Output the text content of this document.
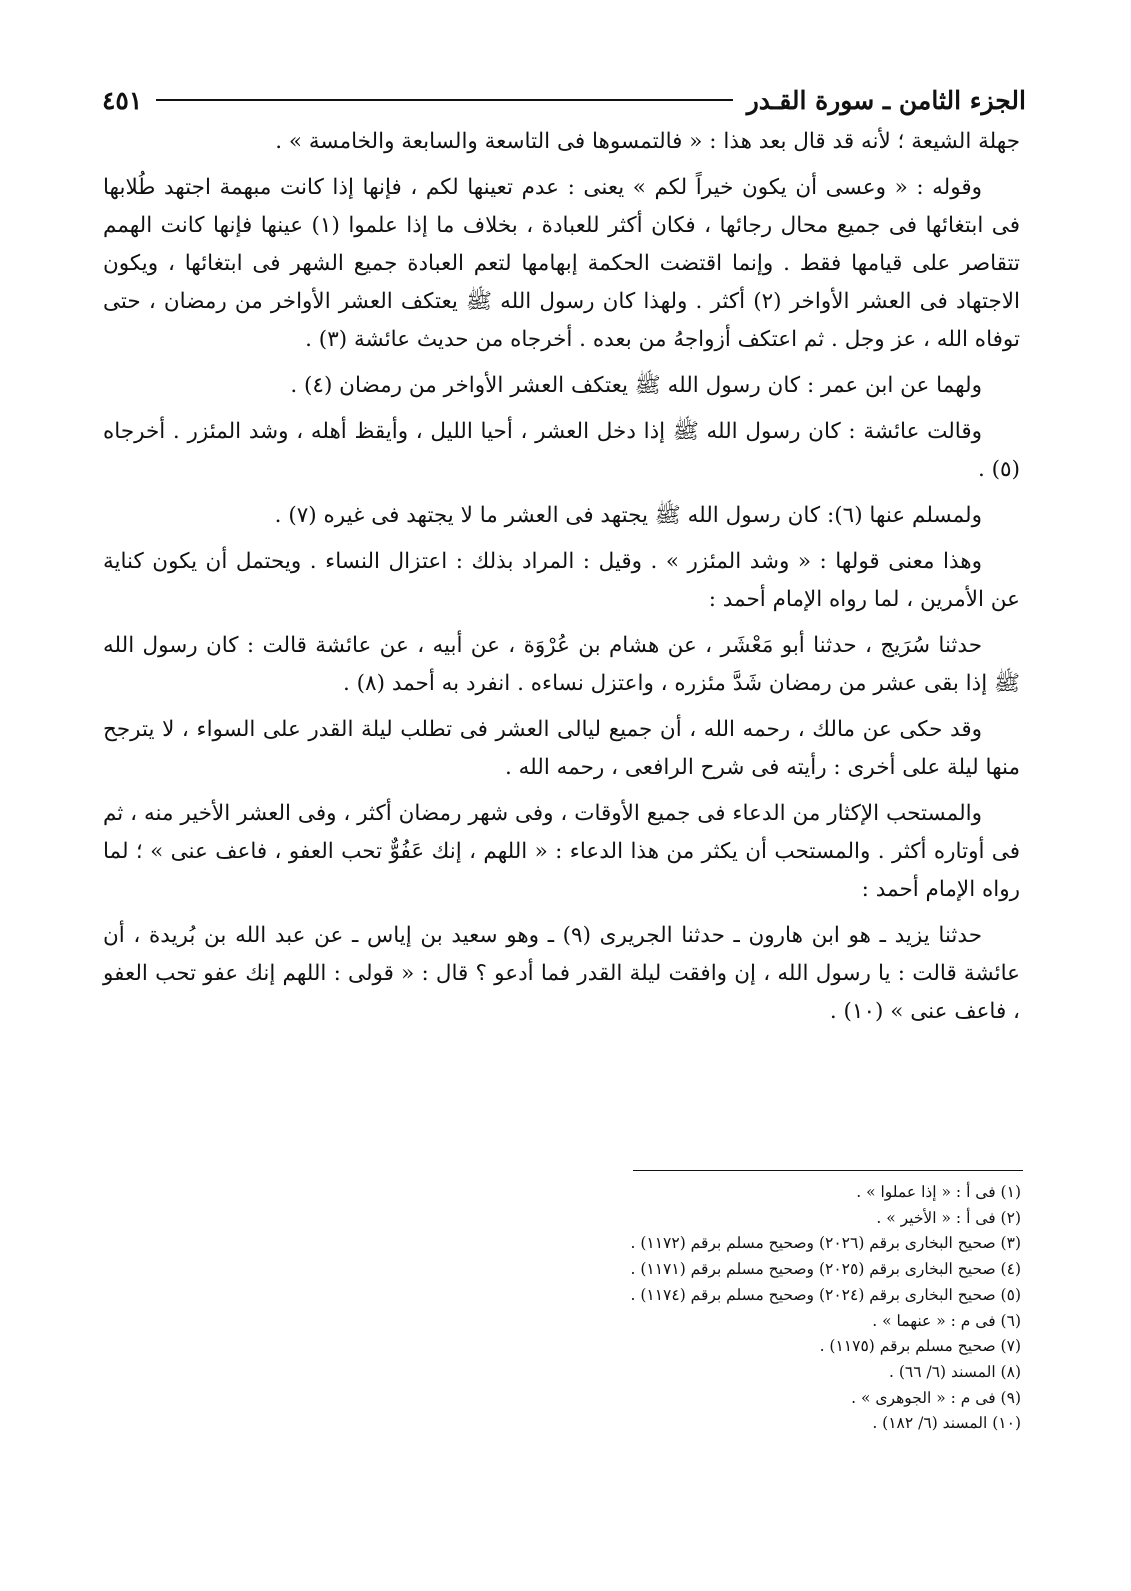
الجزء الثامن ـ سورة القـدر
٤٥١

جهلة الشيعة ؛ لأنه قد قال بعد هذا : « فالتمسوها فى التاسعة والسابعة والخامسة » .

وقوله : « وعسى أن يكون خيراً لكم » يعنى : عدم تعينها لكم ، فإنها إذا كانت مبهمة اجتهد طُلابها فى ابتغائها فى جميع محال رجائها ، فكان أكثر للعبادة ، بخلاف ما إذا علموا (١) عينها فإنها كانت الهمم تتقاصر على قيامها فقط . وإنما اقتضت الحكمة إبهامها لتعم العبادة جميع الشهر فى ابتغائها ، ويكون الاجتهاد فى العشر الأواخر (٢) أكثر . ولهذا كان رسول الله ﷺ يعتكف العشر الأواخر من رمضان ، حتى توفاه الله ، عز وجل . ثم اعتكف أزواجهُ من بعده . أخرجاه من حديث عائشة (٣) .

ولهما عن ابن عمر : كان رسول الله ﷺ يعتكف العشر الأواخر من رمضان (٤) .

وقالت عائشة : كان رسول الله ﷺ إذا دخل العشر ، أحيا الليل ، وأيقظ أهله ، وشد المئزر . أخرجاه (٥) .

ولمسلم عنها (٦): كان رسول الله ﷺ يجتهد فى العشر ما لا يجتهد فى غيره (٧) .

وهذا معنى قولها : « وشد المئزر » . وقيل : المراد بذلك : اعتزال النساء . ويحتمل أن يكون كناية عن الأمرين ، لما رواه الإمام أحمد :

حدثنا سُرَيج ، حدثنا أبو مَعْشَر ، عن هشام بن عُرْوَة ، عن أبيه ، عن عائشة قالت : كان رسول الله ﷺ إذا بقى عشر من رمضان شَدَّ مئزره ، واعتزل نساءه . انفرد به أحمد (٨) .

وقد حكى عن مالك ، رحمه الله ، أن جميع ليالى العشر فى تطلب ليلة القدر على السواء ، لا يترجح منها ليلة على أخرى : رأيته فى شرح الرافعى ، رحمه الله .

والمستحب الإكثار من الدعاء فى جميع الأوقات ، وفى شهر رمضان أكثر ، وفى العشر الأخير منه ، ثم فى أوتاره أكثر . والمستحب أن يكثر من هذا الدعاء : « اللهم ، إنك عَفُوٌّ تحب العفو ، فاعف عنى » ؛ لما رواه الإمام أحمد :

حدثنا يزيد ـ هو ابن هارون ـ حدثنا الجريرى (٩) ـ وهو سعيد بن إياس ـ عن عبد الله بن بُريدة ، أن عائشة قالت : يا رسول الله ، إن وافقت ليلة القدر فما أدعو ؟ قال : « قولى : اللهم إنك عفو تحب العفو ، فاعف عنى » (١٠) .

(١) فى أ : « إذا عملوا » .
(٢) فى أ : « الأخير » .
(٣) صحيح البخارى برقم (٢٠٢٦) وصحيح مسلم برقم (١١٧٢) .
(٤) صحيح البخارى برقم (٢٠٢٥) وصحيح مسلم برقم (١١٧١) .
(٥) صحيح البخارى برقم (٢٠٢٤) وصحيح مسلم برقم (١١٧٤) .
(٦) فى م : « عنهما » .
(٧) صحيح مسلم برقم (١١٧٥) .
(٨) المسند (٦/ ٦٦) .
(٩) فى م : « الجوهرى » .
(١٠) المسند (٦/ ١٨٢) .
